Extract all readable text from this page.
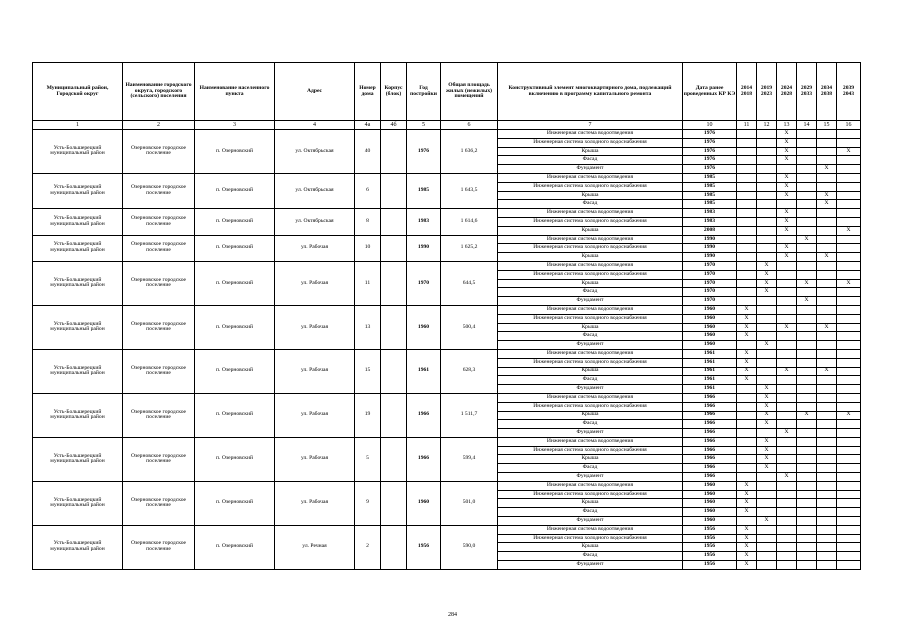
Муниципальный район, Городской округ	Наименование городского округа, городского (сельского) поселения	Наименование населенного пункта	Адрес	Номер дома	Корпус (блок)	Год постройки	Общая площадь жилых (нежилых) помещений	Конструктивный элемент многоквартирного дома, подлежащий включению в программу капитального ремонта	Дата ранее проведенных КР КЭ	2014 2018	2019 2023	2024 2028	2029 2033	2034 2038	2039 2043
1	2	3	4	4а	4б	5	6	7	10	11	12	13	14	15	16
Усть-Большерецкий муниципальный район	Озерновское городское поселение	п. Озерновский	ул. Октябрьская	40		1976	1 636,2	Инженерная система водоотведения	1976			X			
								Инженерная система холодного водоснабжения	1976			X			
								Крыша	1976			X			X
								Фасад	1976			X			
								Фундамент	1976					X	
Усть-Большерецкий муниципальный район	Озерновское городское поселение	п. Озерновский	ул. Октябрьская	6		1985	1 643,5	Инженерная система водоотведения	1985			X			
								Инженерная система холодного водоснабжения	1985			X			
								Крыша	1985			X		X	
								Фасад	1985					X	
Усть-Большерецкий муниципальный район	Озерновское городское поселение	п. Озерновский	ул. Октябрьская	8		1983	1 614,6	Инженерная система водоотведения	1983			X			
								Инженерная система холодного водоснабжения	1983			X			
								Крыша	2008			X			X
Усть-Большерецкий муниципальный район	Озерновское городское поселение	п. Озерновский	ул. Рабочая	10		1990	1 625,2	Инженерная система водоотведения	1990				X		
								Инженерная система холодного водоснабжения	1990			X			
								Крыша	1990			X		X	
Усть-Большерецкий муниципальный район	Озерновское городское поселение	п. Озерновский	ул. Рабочая	11		1970	644,5	Инженерная система водоотведения	1970		X				
								Инженерная система холодного водоснабжения	1970		X				
								Крыша	1970		X		X		X
								Фасад	1970		X				
								Фундамент	1970				X		
Усть-Большерецкий муниципальный район	Озерновское городское поселение	п. Озерновский	ул. Рабочая	13		1960	500,4	Инженерная система водоотведения	1960	X					
								Инженерная система холодного водоснабжения	1960	X					
								Крыша	1960	X		X		X	
								Фасад	1960	X					
								Фундамент	1960		X				
Усть-Большерецкий муниципальный район	Озерновское городское поселение	п. Озерновский	ул. Рабочая	15		1961	628,3	Инженерная система водоотведения	1961	X					
								Инженерная система холодного водоснабжения	1961	X					
								Крыша	1961	X		X		X	
								Фасад	1961	X					
								Фундамент	1961		X				
Усть-Большерецкий муниципальный район	Озерновское городское поселение	п. Озерновский	ул. Рабочая	19		1966	1 511,7	Инженерная система водоотведения	1966		X				
								Инженерная система холодного водоснабжения	1966		X				
								Крыша	1966		X		X		X
								Фасад	1966		X				
								Фундамент	1966			X			
Усть-Большерецкий муниципальный район	Озерновское городское поселение	п. Озерновский	ул. Рабочая	5		1966	599,4	Инженерная система водоотведения	1966		X				
								Инженерная система холодного водоснабжения	1966		X				
								Крыша	1966		X				
								Фасад	1966		X				
								Фундамент	1966			X			
Усть-Большерецкий муниципальный район	Озерновское городское поселение	п. Озерновский	ул. Рабочая	9		1960	501,0	Инженерная система водоотведения	1960	X					
								Инженерная система холодного водоснабжения	1960	X					
								Крыша	1960	X					
								Фасад	1960	X					
								Фундамент	1960		X				
Усть-Большерецкий муниципальный район	Озерновское городское поселение	п. Озерновский	ул. Речная	2		1956	590,0	Инженерная система водоотведения	1956	X					
								Инженерная система холодного водоснабжения	1956	X					
								Крыша	1956	X					
								Фасад	1956	X					
								Фундамент	1956	X					
284
